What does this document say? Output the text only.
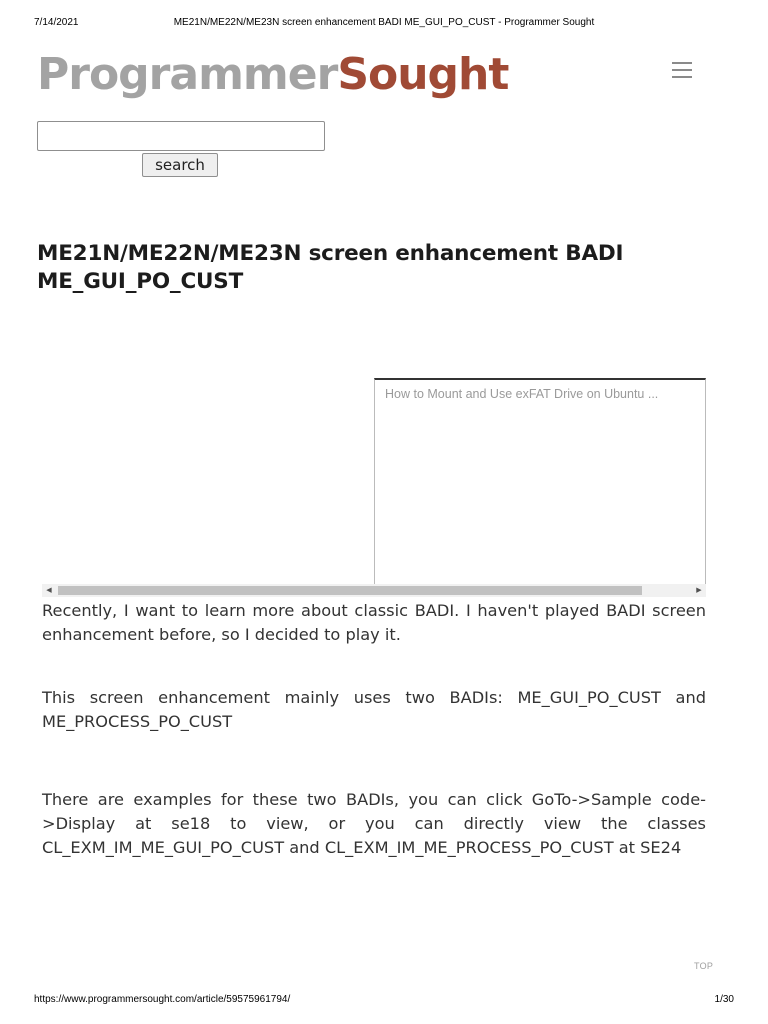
7/14/2021	ME21N/ME22N/ME23N screen enhancement BADI ME_GUI_PO_CUST - Programmer Sought
ProgrammerSought
search
ME21N/ME22N/ME23N screen enhancement BADI ME_GUI_PO_CUST
How to Mount and Use exFAT Drive on Ubuntu ...
◀	▶

Recently, I want to learn more about classic BADI. I haven't played BADI screen enhancement before, so I decided to play it.

This screen enhancement mainly uses two BADIs: ME_GUI_PO_CUST and ME_PROCESS_PO_CUST

There are examples for these two BADIs, you can click GoTo->Sample code->Display at se18 to view, or you can directly view the classes CL_EXM_IM_ME_GUI_PO_CUST and CL_EXM_IM_ME_PROCESS_PO_CUST at SE24

TOP
https://www.programmersought.com/article/59575961794/	1/30
